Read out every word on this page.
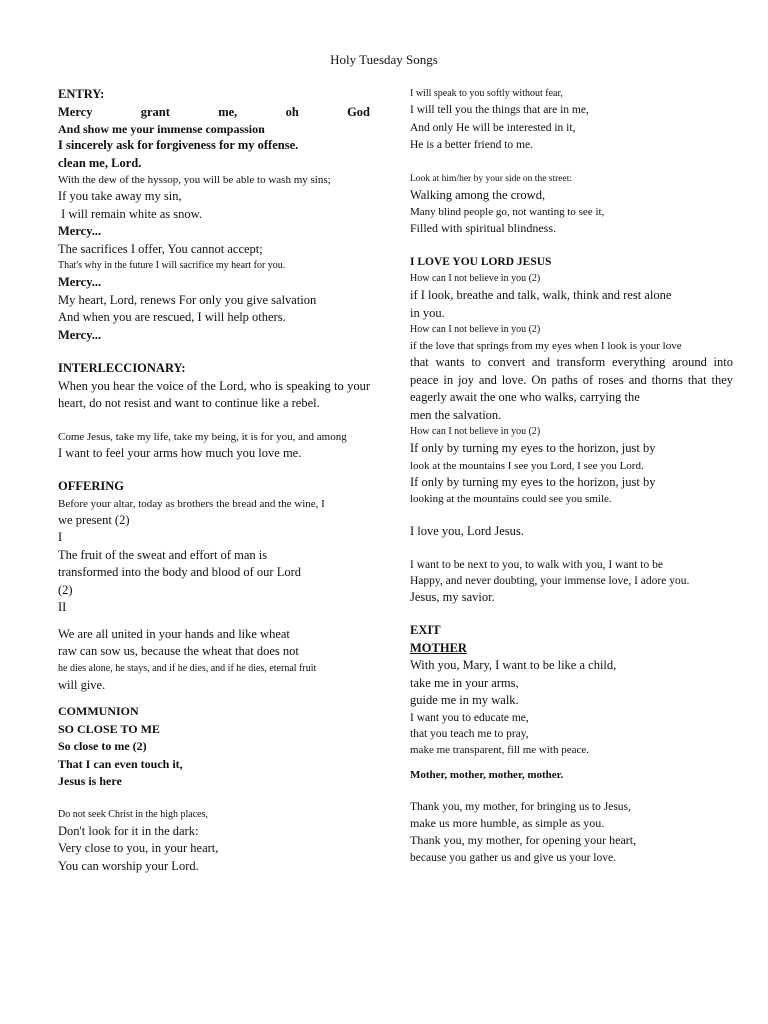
Holy Tuesday Songs

ENTRY:

Mercy grant me, oh God

And show me your immense compassion

I sincerely ask for forgiveness for my offense.

clean me, Lord.

With the dew of the hyssop, you will be able to wash my sins;

If you take away my sin,

I will remain white as snow.

Mercy...

The sacrifices I offer, You cannot accept;

That's why in the future I will sacrifice my heart for you.

Mercy...

My heart, Lord, renews For only you give salvation

And when you are rescued, I will help others.

Mercy...

INTERLECCIONARY:

When you hear the voice of the Lord, who is speaking to your heart, do not resist and want to continue like a rebel.

Come Jesus, take my life, take my being, it is for you, and among

I want to feel your arms how much you love me.

OFFERING

Before your altar, today as brothers the bread and the wine, I

we present (2)

I

The fruit of the sweat and effort of man is

transformed into the body and blood of our Lord

(2)

II

We are all united in your hands and like wheat

raw can sow us, because the wheat that does not

he dies alone, he stays, and if he dies, and if he dies, eternal fruit

will give.

COMMUNION

SO CLOSE TO ME

So close to me (2)

That I can even touch it,

Jesus is here

Do not seek Christ in the high places,

Don't look for it in the dark:

Very close to you, in your heart,

You can worship your Lord.

I will speak to you softly without fear,

I will tell you the things that are in me,

And only He will be interested in it,

He is a better friend to me.

Look at him/her by your side on the street:

Walking among the crowd,

Many blind people go, not wanting to see it,

Filled with spiritual blindness.

I LOVE YOU LORD JESUS

How can I not believe in you (2)

if I look, breathe and talk, walk, think and rest alone

in you.

How can I not believe in you (2)

if the love that springs from my eyes when I look is your love

that wants to convert and transform everything around into peace in joy and love. On paths of roses and thorns that they eagerly await the one who walks, carrying the

men the salvation.

How can I not believe in you (2)

If only by turning my eyes to the horizon, just by

look at the mountains I see you Lord, I see you Lord.

If only by turning my eyes to the horizon, just by

looking at the mountains could see you smile.

I love you, Lord Jesus.

I want to be next to you, to walk with you, I want to be

Happy, and never doubting, your immense love, I adore you.

Jesus, my savior.

EXIT

MOTHER

With you, Mary, I want to be like a child,

take me in your arms,

guide me in my walk.

I want you to educate me,

that you teach me to pray,

make me transparent, fill me with peace.

Mother, mother, mother, mother.

Thank you, my mother, for bringing us to Jesus,

make us more humble, as simple as you.

Thank you, my mother, for opening your heart,

because you gather us and give us your love.
